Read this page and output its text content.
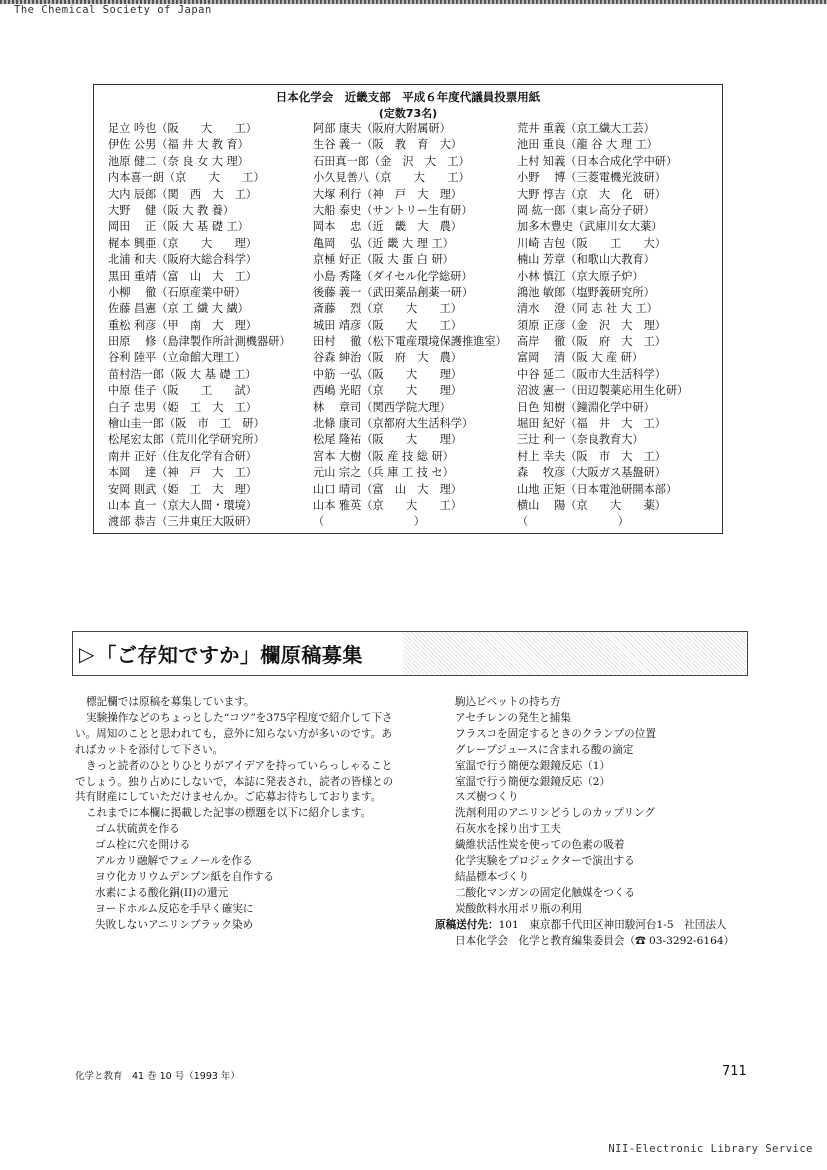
The Chemical Society of Japan
日本化学会　近畿支部　平成６年度代議員投票用紙
(定数73名)
足立 吟也（阪　　大　　工）
伊佐 公男（福 井 大 教 育）
池原 健二（奈 良 女 大 理）
内本喜一朗（京　　大　　工）
大内 辰郎（関　西　大　工）
大野　 健（阪 大 教 養）
岡田　 正（阪 大 基 礎 工）
梶本 興亜（京　　大　　理）
北浦 和夫（阪府大総合科学）
黒田 重靖（富　山　大　工）
小柳　 徹（石原産業中研）
佐藤 昌憲（京 工 繊 大 繊）
重松 利彦（甲　南　大　理）
田原　 修（島津製作所計測機器研）
谷利 陸平（立命館大理工）
苗村浩一郎（阪 大 基 礎 工）
中原 佳子（阪　　工　　試）
白子 忠男（姫　工　大　工）
檜山圭一郎（阪　市　工　研）
松尾宏太郎（荒川化学研究所）
南井 正好（住友化学有合研）
本岡　 達（神　戸　大　工）
安岡 則武（姫　工　大　理）
山本 直一（京大人間・環境）
渡部 恭吉（三井東圧大阪研）
阿部 康夫（阪府大附属研）
生谷 義一（阪　教　育　大）
石田真一郎（金　沢　大　工）
小久見善八（京　　大　　工）
大塚 利行（神　戸　大　理）
大船 泰史（サントリー生有研）
岡本　 忠（近　畿　大　農）
亀岡　 弘（近 畿 大 理 工）
京極 好正（阪 大 蛋 白 研）
小島 秀隆（ダイセル化学総研）
後藤 義一（武田薬品創薬一研）
斎藤　 烈（京　　大　　工）
城田 靖彦（阪　　大　　工）
田村　 徹（松下電産環境保護推進室）
谷森 紳治（阪　府　大　農）
中筋 一弘（阪　　大　　理）
西嶋 光昭（京　　大　　理）
林　 章司（関西学院大理）
北條 康司（京都府大生活科学）
松尾 隆祐（阪　　大　　理）
宮本 大樹（阪 産 技 総 研）
元山 宗之（兵 庫 工 技 セ）
山口 晴司（富　山　大　理）
山本 雅英（京　　大　　工）
（　　　　　　　　）
荒井 重義（京工繊大工芸）
池田 重良（龍 谷 大 理 工）
上村 知義（日本合成化学中研）
小野　 博（三菱電機光波研）
大野 惇吉（京　大　化　研）
岡 紘一郎（東レ高分子研）
加多木豊史（武庫川女大薬）
川崎 吉包（阪　　工　　大）
楠山 芳章（和歌山大教育）
小林 慎江（京大原子炉）
鴻池 敏郎（塩野義研究所）
清水　 澄（同 志 社 大 工）
須原 正彦（金　沢　大　理）
高岸　 徹（阪　府　大　工）
富岡　 清（阪 大 産 研）
中谷 延二（阪市大生活科学）
沼波 憲一（田辺製薬応用生化研）
日色 知樹（鐘淵化学中研）
堀田 紀好（福　井　大　工）
三辻 利一（奈良教育大）
村上 幸夫（阪　市　大　工）
森　 牧彦（大阪ガス基盤研）
山地 正矩（日本電池研開本部）
横山　 陽（京　　大　　薬）
（　　　　　　　　）
▷ 「ご存知ですか」欄原稿募集

標記欄では原稿を募集しています。

実験操作などのちょっとした“コツ”を375字程度で紹介して下さい。周知のことと思われても，意外に知らない方が多いのです。あればカットを添付して下さい。

きっと読者のひとりひとりがアイデアを持っていらっしゃることでしょう。独り占めにしないで，本誌に発表され，読者の皆様との共有財産にしていただけませんか。ご応募お待ちしております。

これまでに本欄に掲載した記事の標題を以下に紹介します。

ゴム状硫黄を作る
ゴム栓に穴を開ける
アルカリ融解でフェノールを作る
ヨウ化カリウムデンプン紙を自作する
水素による酸化銅(II)の還元
ヨードホルム反応を手早く確実に
失敗しないアニリンブラック染め
駒込ピペットの持ち方
アセチレンの発生と捕集
フラスコを固定するときのクランプの位置
グレープジュースに含まれる酸の滴定
室温で行う簡便な銀鏡反応（1）
室温で行う簡便な銀鏡反応（2）
スズ樹つくり
洗剤利用のアニリンどうしのカップリング
石灰水を採り出す工夫
繊維状活性炭を使っての色素の吸着
化学実験をプロジェクターで演出する
結晶標本づくり
二酸化マンガンの固定化触媒をつくる
炭酸飲料水用ポリ瓶の利用
原稿送付先：101　東京都千代田区神田駿河台1-5　社団法人
日本化学会　化学と教育編集委員会（☎ 03-3292-6164）
化学と教育　41 巻 10 号（1993 年）	711
NII-Electronic Library Service
